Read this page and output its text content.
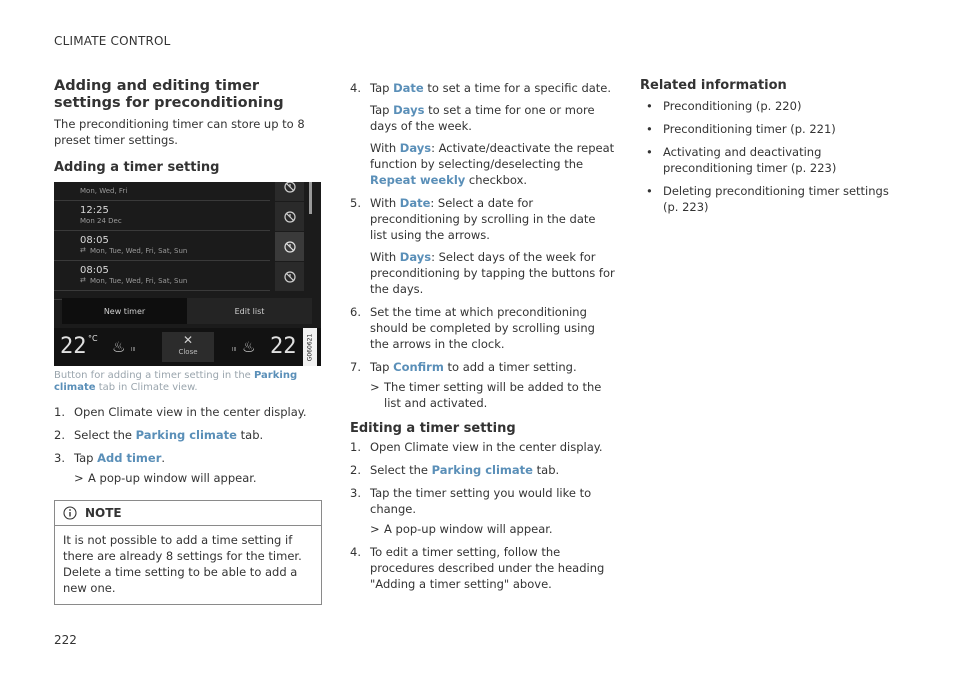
CLIMATE CONTROL
Adding and editing timer settings for preconditioning

The preconditioning timer can store up to 8 preset timer settings.

Adding a timer setting
Mon, Wed, Fri
12:25
Mon 24 Dec
08:05
Mon, Tue, Wed, Fri, Sat, Sun
⇄
08:05
Mon, Tue, Wed, Fri, Sat, Sun
⇄
New timer	Edit list
22 °C ♨ III
✕
Close	III ♨ 22 G060621

Button for adding a timer setting in the Parking climate tab in Climate view.

1. Open Climate view in the center display.
2. Select the Parking climate tab.
3. Tap Add timer.
> A pop-up window will appear.
NOTE
It is not possible to add a time setting if there are already 8 settings for the timer. Delete a time setting to be able to add a new one.
4. Tap Date to set a time for a specific date.

Tap Days to set a time for one or more days of the week.

With Days: Activate/deactivate the repeat function by selecting/deselecting the Repeat weekly checkbox.

5. With Date: Select a date for preconditioning by scrolling in the date list using the arrows.

With Days: Select days of the week for preconditioning by tapping the buttons for the days.

6. Set the time at which preconditioning should be completed by scrolling using the arrows in the clock.
7. Tap Confirm to add a timer setting.
> The timer setting will be added to the list and activated.
Editing a timer setting
1. Open Climate view in the center display.
2. Select the Parking climate tab.
3. Tap the timer setting you would like to change.
> A pop-up window will appear.
4. To edit a timer setting, follow the procedures described under the heading "Adding a timer setting" above.
Related information
• Preconditioning (p. 220)
• Preconditioning timer (p. 221)
• Activating and deactivating preconditioning timer (p. 223)
• Deleting preconditioning timer settings (p. 223)
222
